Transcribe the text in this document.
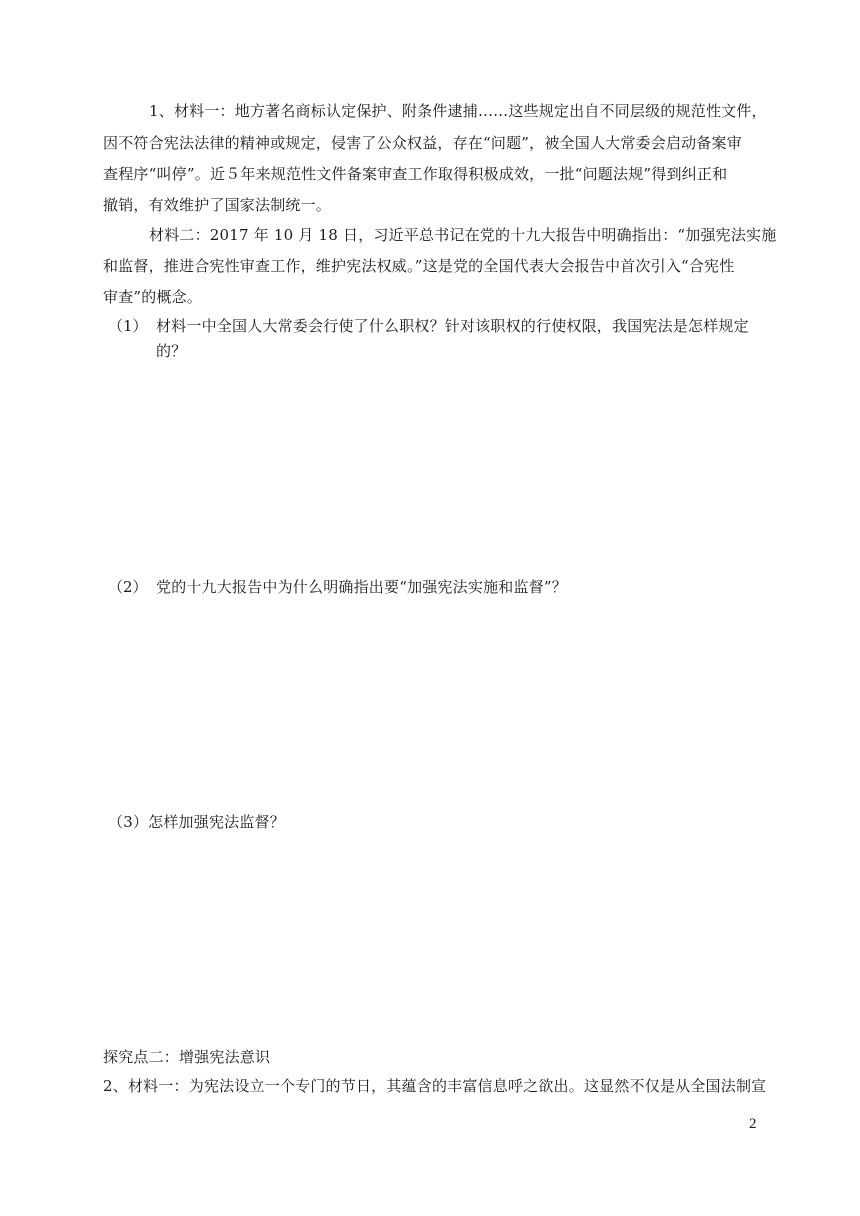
1、材料一：地方著名商标认定保护、附条件逮捕……这些规定出自不同层级的规范性文件，
因不符合宪法法律的精神或规定，侵害了公众权益，存在“问题”，被全国人大常委会启动备案审
查程序“叫停”。近５年来规范性文件备案审查工作取得积极成效，一批“问题法规”得到纠正和
撤销，有效维护了国家法制统一。
材料二：2017 年 10 月 18 日，习近平总书记在党的十九大报告中明确指出：“加强宪法实施
和监督，推进合宪性审查工作，维护宪法权威。”这是党的全国代表大会报告中首次引入“合宪性
审查”的概念。
（1） 材料一中全国人大常委会行使了什么职权？针对该职权的行使权限，我国宪法是怎样规定
的？
（2） 党的十九大报告中为什么明确指出要“加强宪法实施和监督”？
（3）怎样加强宪法监督？
探究点二：增强宪法意识
2、材料一：为宪法设立一个专门的节日，其蕴含的丰富信息呼之欲出。这显然不仅是从全国法制宣
2
